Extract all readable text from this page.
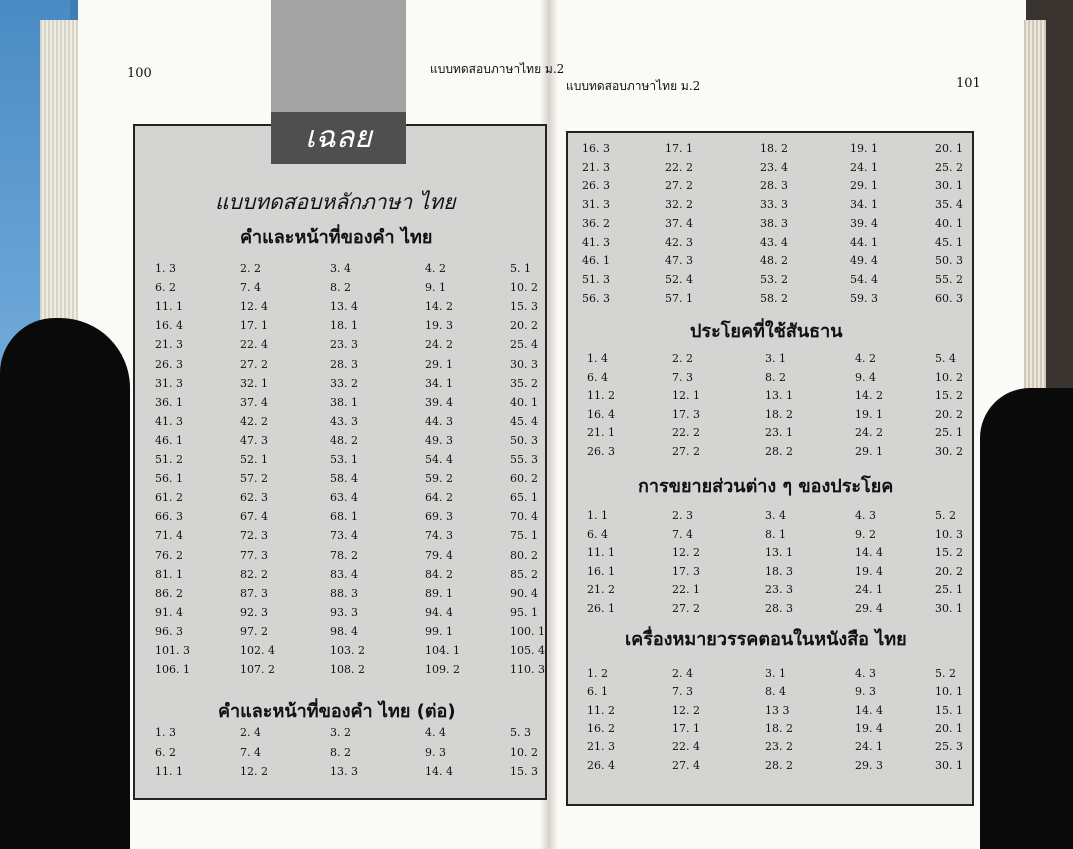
100	แบบทดสอบภาษาไทย ม.2
เฉลย
แบบทดสอบหลักภาษา ไทย
คำและหน้าที่ของคำ ไทย
1. 3	2. 2	3. 4	4. 2	5. 1
6. 2	7. 4	8. 2	9. 1	10. 2
11. 1	12. 4	13. 4	14. 2	15. 3
16. 4	17. 1	18. 1	19. 3	20. 2
21. 3	22. 4	23. 3	24. 2	25. 4
26. 3	27. 2	28. 3	29. 1	30. 3
31. 3	32. 1	33. 2	34. 1	35. 2
36. 1	37. 4	38. 1	39. 4	40. 1
41. 3	42. 2	43. 3	44. 3	45. 4
46. 1	47. 3	48. 2	49. 3	50. 3
51. 2	52. 1	53. 1	54. 4	55. 3
56. 1	57. 2	58. 4	59. 2	60. 2
61. 2	62. 3	63. 4	64. 2	65. 1
66. 3	67. 4	68. 1	69. 3	70. 4
71. 4	72. 3	73. 4	74. 3	75. 1
76. 2	77. 3	78. 2	79. 4	80. 2
81. 1	82. 2	83. 4	84. 2	85. 2
86. 2	87. 3	88. 3	89. 1	90. 4
91. 4	92. 3	93. 3	94. 4	95. 1
96. 3	97. 2	98. 4	99. 1	100. 1
101. 3	102. 4	103. 2	104. 1	105. 4
106. 1	107. 2	108. 2	109. 2	110. 3
คำและหน้าที่ของคำ ไทย (ต่อ)
1. 3	2. 4	3. 2	4. 4	5. 3
6. 2	7. 4	8. 2	9. 3	10. 2
11. 1	12. 2	13. 3	14. 4	15. 3
แบบทดสอบภาษาไทย ม.2	101
16. 3	17. 1	18. 2	19. 1	20. 1
21. 3	22. 2	23. 4	24. 1	25. 2
26. 3	27. 2	28. 3	29. 1	30. 1
31. 3	32. 2	33. 3	34. 1	35. 4
36. 2	37. 4	38. 3	39. 4	40. 1
41. 3	42. 3	43. 4	44. 1	45. 1
46. 1	47. 3	48. 2	49. 4	50. 3
51. 3	52. 4	53. 2	54. 4	55. 2
56. 3	57. 1	58. 2	59. 3	60. 3
ประโยคที่ใช้สันธาน
1. 4	2. 2	3. 1	4. 2	5. 4
6. 4	7. 3	8. 2	9. 4	10. 2
11. 2	12. 1	13. 1	14. 2	15. 2
16. 4	17. 3	18. 2	19. 1	20. 2
21. 1	22. 2	23. 1	24. 2	25. 1
26. 3	27. 2	28. 2	29. 1	30. 2
การขยายส่วนต่าง ๆ ของประโยค
1. 1	2. 3	3. 4	4. 3	5. 2
6. 4	7. 4	8. 1	9. 2	10. 3
11. 1	12. 2	13. 1	14. 4	15. 2
16. 1	17. 3	18. 3	19. 4	20. 2
21. 2	22. 1	23. 3	24. 1	25. 1
26. 1	27. 2	28. 3	29. 4	30. 1
เครื่องหมายวรรคตอนในหนังสือ ไทย
1. 2	2. 4	3. 1	4. 3	5. 2
6. 1	7. 3	8. 4	9. 3	10. 1
11. 2	12. 2	13 3	14. 4	15. 1
16. 2	17. 1	18. 2	19. 4	20. 1
21. 3	22. 4	23. 2	24. 1	25. 3
26. 4	27. 4	28. 2	29. 3	30. 1
